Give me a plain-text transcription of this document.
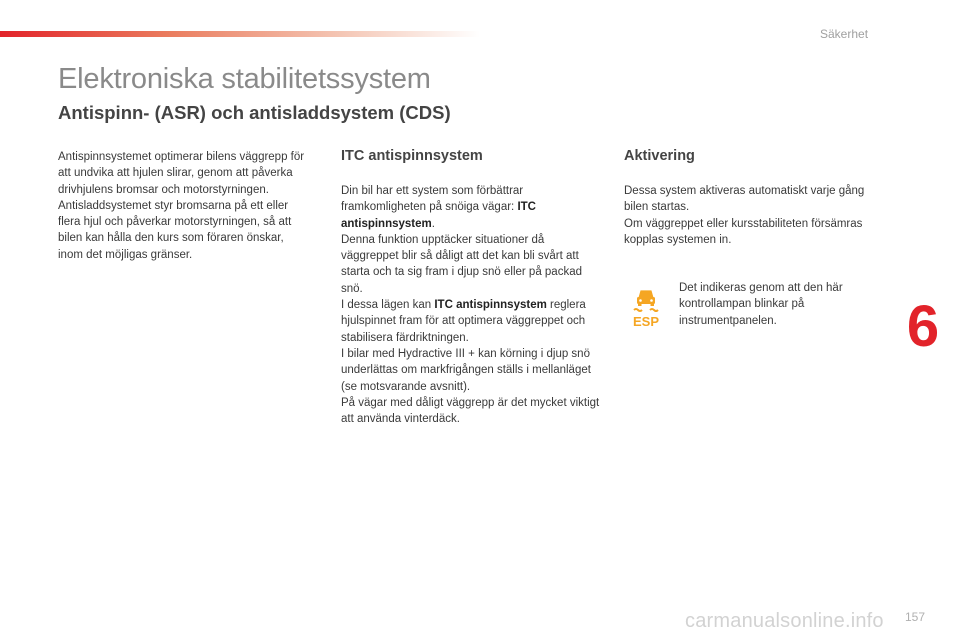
Säkerhet
Elektroniska stabilitetssystem
Antispinn- (ASR) och antisladdsystem (CDS)

Antispinnsystemet optimerar bilens väggrepp för att undvika att hjulen slirar, genom att påverka drivhjulens bromsar och motorstyrningen.

Antisladdsystemet styr bromsarna på ett eller flera hjul och påverkar motorstyrningen, så att bilen kan hålla den kurs som föraren önskar, inom det möjligas gränser.

ITC antispinnsystem

Din bil har ett system som förbättrar framkomligheten på snöiga vägar: ITC antispinnsystem.

Denna funktion upptäcker situationer då väggreppet blir så dåligt att det kan bli svårt att starta och ta sig fram i djup snö eller på packad snö.

I dessa lägen kan ITC antispinnsystem reglera hjulspinnet fram för att optimera väggreppet och stabilisera färdriktningen.

I bilar med Hydractive III + kan körning i djup snö underlättas om markfrigången ställs i mellanläget (se motsvarande avsnitt).

På vägar med dåligt väggrepp är det mycket viktigt att använda vinterdäck.

Aktivering

Dessa system aktiveras automatiskt varje gång bilen startas.

Om väggreppet eller kursstabiliteten försämras kopplas systemen in.

ESP
Det indikeras genom att den här kontrollampan blinkar på instrumentpanelen.	6
carmanualsonline.info 157
